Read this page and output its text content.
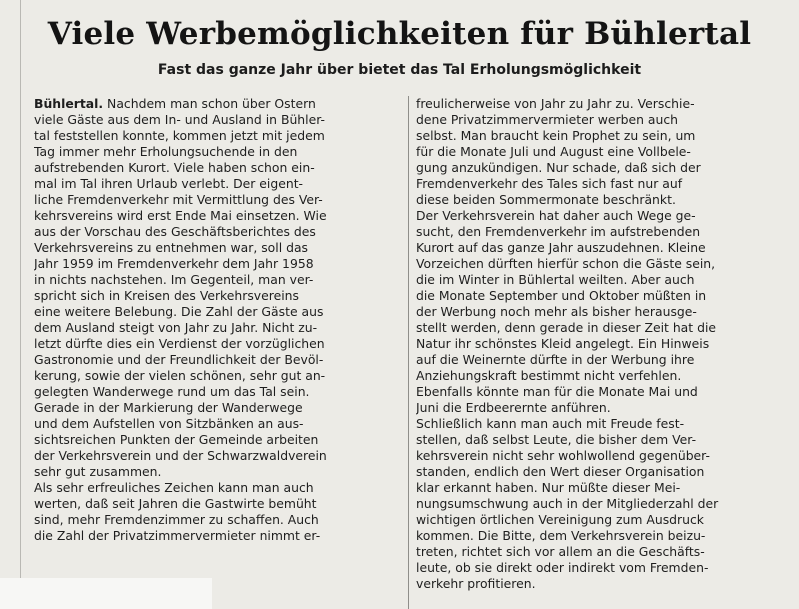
Viele Werbemöglichkeiten für Bühlertal
Fast das ganze Jahr über bietet das Tal Erholungsmöglichkeit
Bühlertal. Nachdem man schon über Ostern
viele Gäste aus dem In- und Ausland in Bühler-
tal feststellen konnte, kommen jetzt mit jedem
Tag immer mehr Erholungsuchende in den
aufstrebenden Kurort. Viele haben schon ein-
mal im Tal ihren Urlaub verlebt. Der eigent-
liche Fremdenverkehr mit Vermittlung des Ver-
kehrsvereins wird erst Ende Mai einsetzen. Wie
aus der Vorschau des Geschäftsberichtes des
Verkehrsvereins zu entnehmen war, soll das
Jahr 1959 im Fremdenverkehr dem Jahr 1958
in nichts nachstehen. Im Gegenteil, man ver-
spricht sich in Kreisen des Verkehrsvereins
eine weitere Belebung. Die Zahl der Gäste aus
dem Ausland steigt von Jahr zu Jahr. Nicht zu-
letzt dürfte dies ein Verdienst der vorzüglichen
Gastronomie und der Freundlichkeit der Bevöl-
kerung, sowie der vielen schönen, sehr gut an-
gelegten Wanderwege rund um das Tal sein.
Gerade in der Markierung der Wanderwege
und dem Aufstellen von Sitzbänken an aus-
sichtsreichen Punkten der Gemeinde arbeiten
der Verkehrsverein und der Schwarzwaldverein
sehr gut zusammen.
Als sehr erfreuliches Zeichen kann man auch
werten, daß seit Jahren die Gastwirte bemüht
sind, mehr Fremdenzimmer zu schaffen. Auch
die Zahl der Privatzimmervermieter nimmt er-
freulicherweise von Jahr zu Jahr zu. Verschie-
dene Privatzimmervermieter werben auch
selbst. Man braucht kein Prophet zu sein, um
für die Monate Juli und August eine Vollbele-
gung anzukündigen. Nur schade, daß sich der
Fremdenverkehr des Tales sich fast nur auf
diese beiden Sommermonate beschränkt.
Der Verkehrsverein hat daher auch Wege ge-
sucht, den Fremdenverkehr im aufstrebenden
Kurort auf das ganze Jahr auszudehnen. Kleine
Vorzeichen dürften hierfür schon die Gäste sein,
die im Winter in Bühlertal weilten. Aber auch
die Monate September und Oktober müßten in
der Werbung noch mehr als bisher herausge-
stellt werden, denn gerade in dieser Zeit hat die
Natur ihr schönstes Kleid angelegt. Ein Hinweis
auf die Weinernte dürfte in der Werbung ihre
Anziehungskraft bestimmt nicht verfehlen.
Ebenfalls könnte man für die Monate Mai und
Juni die Erdbeerernte anführen.
Schließlich kann man auch mit Freude fest-
stellen, daß selbst Leute, die bisher dem Ver-
kehrsverein nicht sehr wohlwollend gegenüber-
standen, endlich den Wert dieser Organisation
klar erkannt haben. Nur müßte dieser Mei-
nungsumschwung auch in der Mitgliederzahl der
wichtigen örtlichen Vereinigung zum Ausdruck
kommen. Die Bitte, dem Verkehrsverein beizu-
treten, richtet sich vor allem an die Geschäfts-
leute, ob sie direkt oder indirekt vom Fremden-
verkehr profitieren.
